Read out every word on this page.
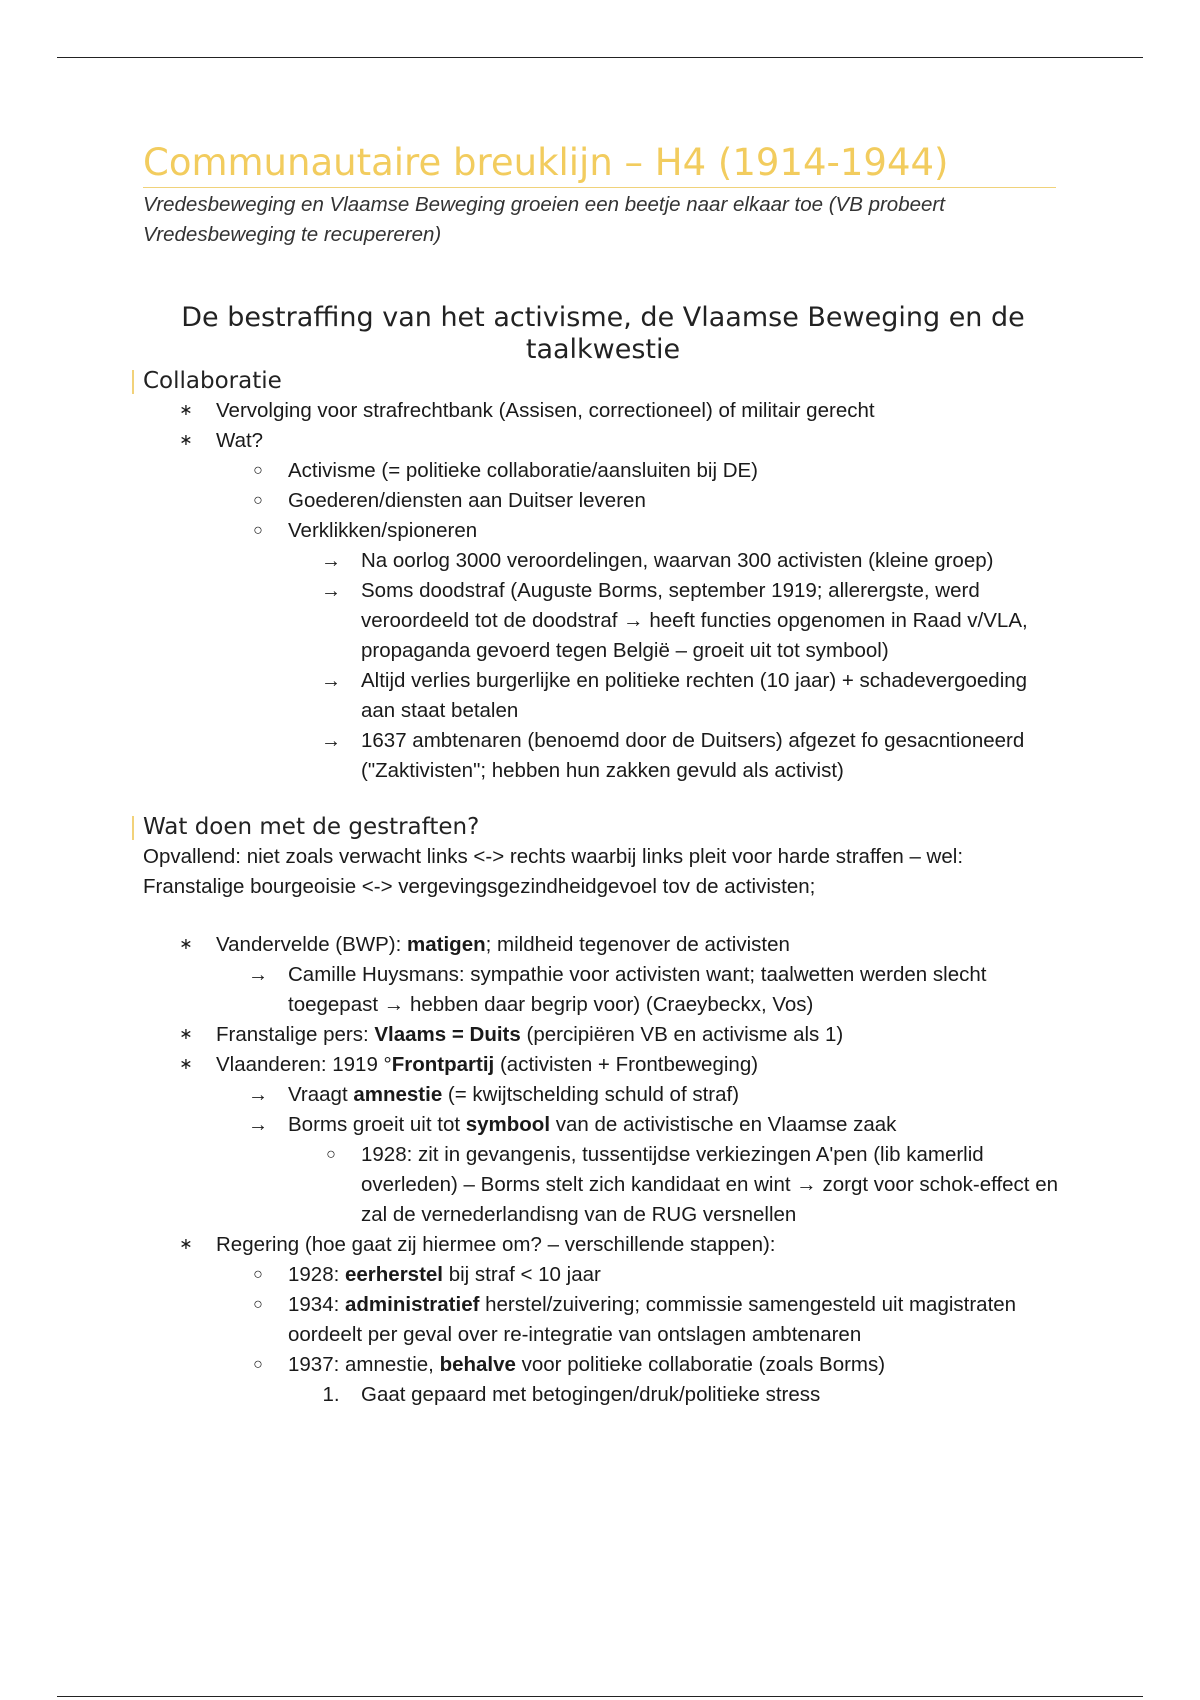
Communautaire breuklijn – H4 (1914-1944)
Vredesbeweging en Vlaamse Beweging groeien een beetje naar elkaar toe (VB probeert Vredesbeweging te recupereren)
De bestraffing van het activisme, de Vlaamse Beweging en de taalkwestie
Collaboratie
∗	Vervolging voor strafrechtbank (Assisen, correctioneel) of militair gerecht
∗	Wat?
○	Activisme (= politieke collaboratie/aansluiten bij DE)
○	Goederen/diensten aan Duitser leveren
○	Verklikken/spioneren
→ Na oorlog 3000 veroordelingen, waarvan 300 activisten (kleine groep)
→ Soms doodstraf (Auguste Borms, september 1919; allerergste, werd veroordeeld tot de doodstraf → heeft functies opgenomen in Raad v/VLA, propaganda gevoerd tegen België – groeit uit tot symbool)
→ Altijd verlies burgerlijke en politieke rechten (10 jaar) + schadevergoeding aan staat betalen
→ 1637 ambtenaren (benoemd door de Duitsers) afgezet fo gesacntioneerd ("Zaktivisten"; hebben hun zakken gevuld als activist)
Wat doen met de gestraften?
Opvallend: niet zoals verwacht links <-> rechts waarbij links pleit voor harde straffen – wel: Franstalige bourgeoisie <-> vergevingsgezindheidgevoel tov de activisten;
∗	Vandervelde (BWP): matigen; mildheid tegenover de activisten
→ Camille Huysmans: sympathie voor activisten want; taalwetten werden slecht toegepast → hebben daar begrip voor) (Craeybeckx, Vos)
∗	Franstalige pers: Vlaams = Duits (percipiëren VB en activisme als 1)
∗	Vlaanderen: 1919 °Frontpartij (activisten + Frontbeweging)
→ Vraagt amnestie (= kwijtschelding schuld of straf)
→ Borms groeit uit tot symbool van de activistische en Vlaamse zaak
○	1928: zit in gevangenis, tussentijdse verkiezingen A'pen (lib kamerlid overleden) – Borms stelt zich kandidaat en wint → zorgt voor schok-effect en zal de vernederlandisng van de RUG versnellen
∗	Regering (hoe gaat zij hiermee om? – verschillende stappen):
○	1928: eerherstel bij straf < 10 jaar
○	1934: administratief herstel/zuivering; commissie samengesteld uit magistraten oordeelt per geval over re-integratie van ontslagen ambtenaren
○	1937: amnestie, behalve voor politieke collaboratie (zoals Borms)
1.	Gaat gepaard met betogingen/druk/politieke stress
